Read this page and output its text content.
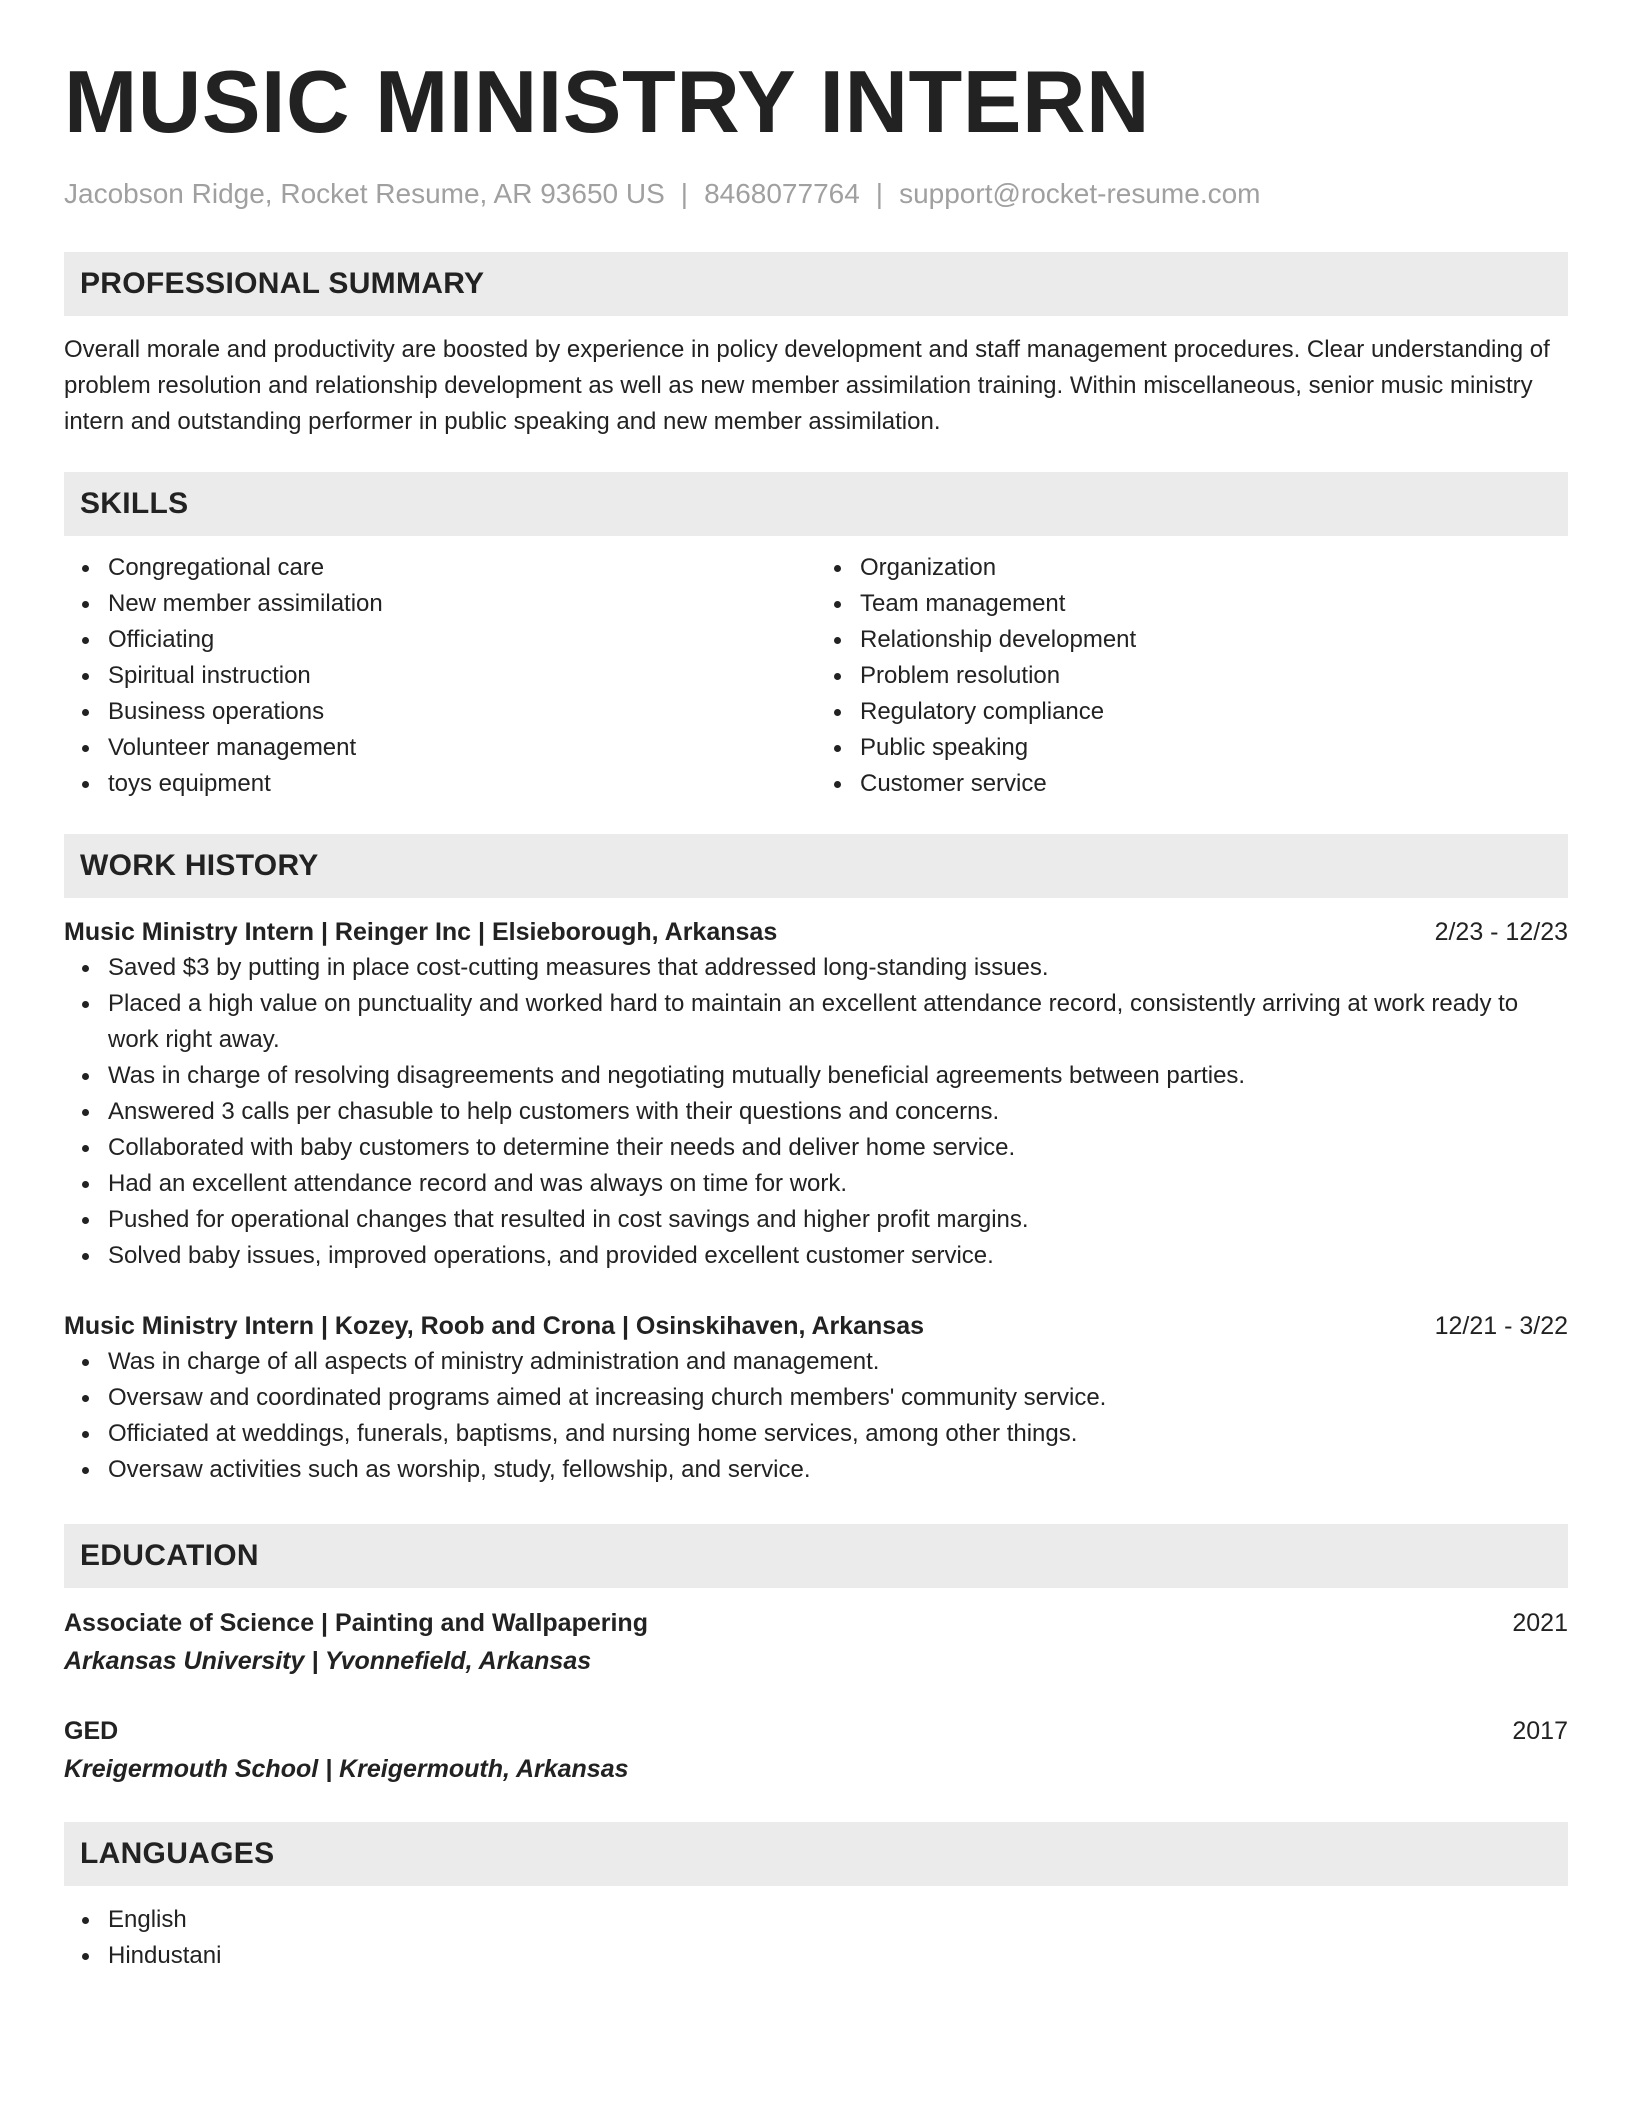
MUSIC MINISTRY INTERN
Jacobson Ridge, Rocket Resume, AR 93650 US | 8468077764 | support@rocket-resume.com
PROFESSIONAL SUMMARY
Overall morale and productivity are boosted by experience in policy development and staff management procedures. Clear understanding of problem resolution and relationship development as well as new member assimilation training. Within miscellaneous, senior music ministry intern and outstanding performer in public speaking and new member assimilation.
SKILLS
Congregational care
New member assimilation
Officiating
Spiritual instruction
Business operations
Volunteer management
toys equipment
Organization
Team management
Relationship development
Problem resolution
Regulatory compliance
Public speaking
Customer service
WORK HISTORY
Music Ministry Intern | Reinger Inc | Elsieborough, Arkansas	2/23 - 12/23
Saved $3 by putting in place cost-cutting measures that addressed long-standing issues.
Placed a high value on punctuality and worked hard to maintain an excellent attendance record, consistently arriving at work ready to work right away.
Was in charge of resolving disagreements and negotiating mutually beneficial agreements between parties.
Answered 3 calls per chasuble to help customers with their questions and concerns.
Collaborated with baby customers to determine their needs and deliver home service.
Had an excellent attendance record and was always on time for work.
Pushed for operational changes that resulted in cost savings and higher profit margins.
Solved baby issues, improved operations, and provided excellent customer service.
Music Ministry Intern | Kozey, Roob and Crona | Osinskihaven, Arkansas	12/21 - 3/22
Was in charge of all aspects of ministry administration and management.
Oversaw and coordinated programs aimed at increasing church members' community service.
Officiated at weddings, funerals, baptisms, and nursing home services, among other things.
Oversaw activities such as worship, study, fellowship, and service.
EDUCATION
Associate of Science | Painting and Wallpapering	2021
Arkansas University | Yvonnefield, Arkansas
GED	2017
Kreigermouth School | Kreigermouth, Arkansas
LANGUAGES
English
Hindustani
